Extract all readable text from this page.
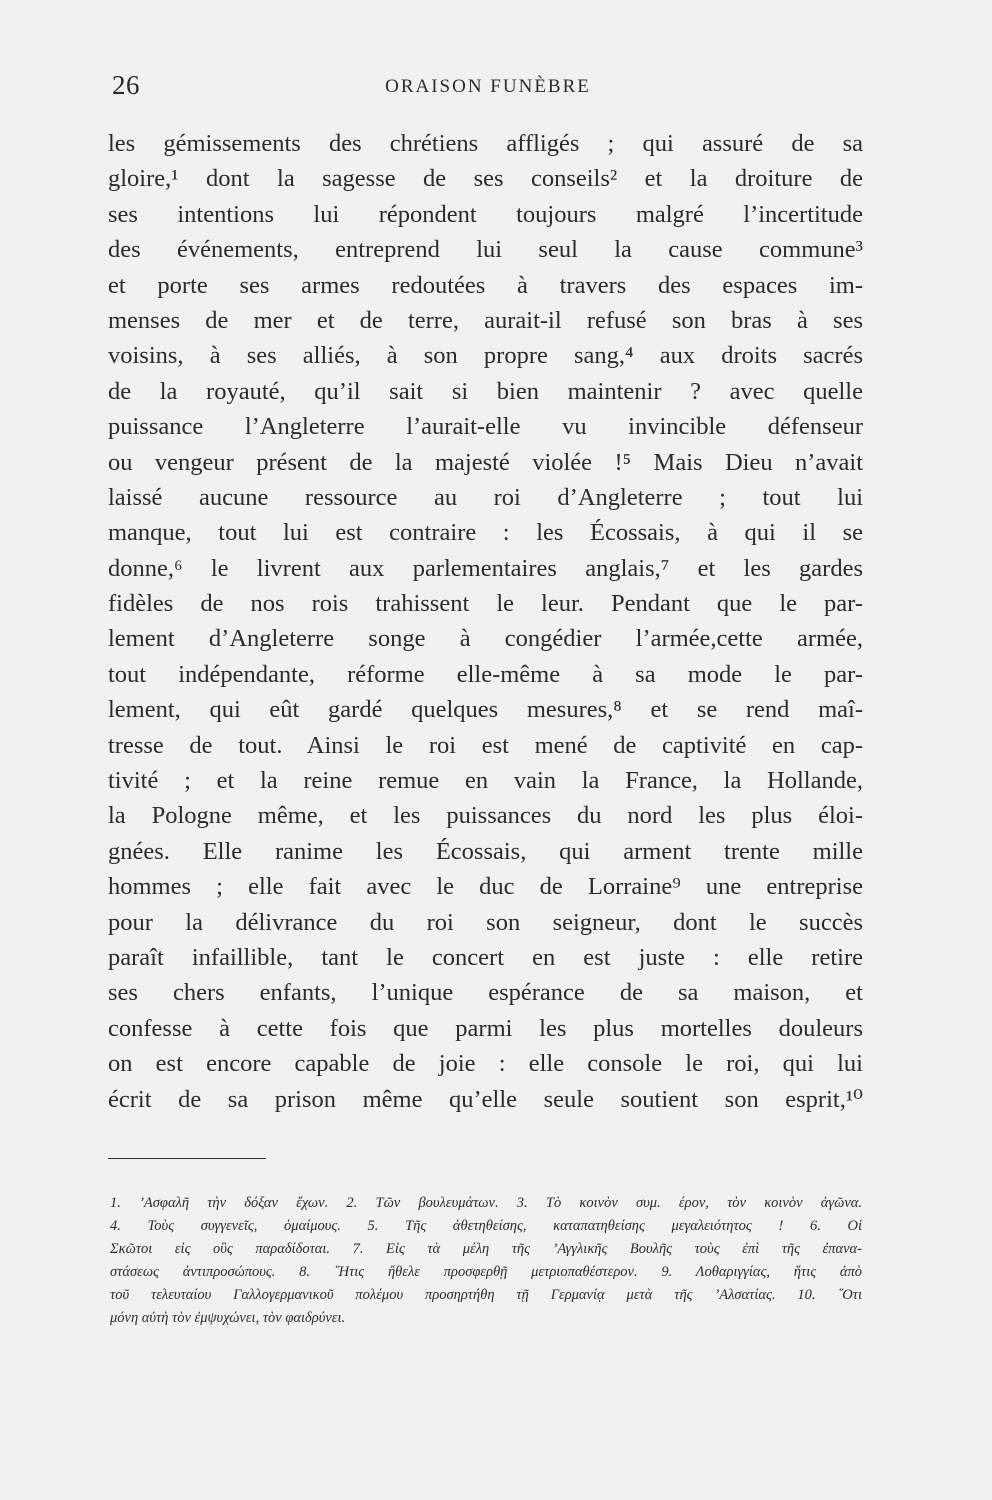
26	ORAISON FUNÈBRE
les gémissements des chrétiens affligés ; qui assuré de sa
gloire,¹ dont la sagesse de ses conseils² et la droiture de
ses intentions lui répondent toujours malgré l’incertitude
des événements, entreprend lui seul la cause commune³
et porte ses armes redoutées à travers des espaces im-
menses de mer et de terre, aurait-il refusé son bras à ses
voisins, à ses alliés, à son propre sang,⁴ aux droits sacrés
de la royauté, qu’il sait si bien maintenir ? avec quelle
puissance l’Angleterre l’aurait-elle vu invincible défenseur
ou vengeur présent de la majesté violée !⁵ Mais Dieu n’avait
laissé aucune ressource au roi d’Angleterre ; tout lui
manque, tout lui est contraire : les Écossais, à qui il se
donne,⁶ le livrent aux parlementaires anglais,⁷ et les gardes
fidèles de nos rois trahissent le leur. Pendant que le par-
lement d’Angleterre songe à congédier l’armée,cette armée,
tout indépendante, réforme elle-même à sa mode le par-
lement, qui eût gardé quelques mesures,⁸ et se rend maî-
tresse de tout. Ainsi le roi est mené de captivité en cap-
tivité ; et la reine remue en vain la France, la Hollande,
la Pologne même, et les puissances du nord les plus éloi-
gnées. Elle ranime les Écossais, qui arment trente mille
hommes ; elle fait avec le duc de Lorraine⁹ une entreprise
pour la délivrance du roi son seigneur, dont le succès
paraît infaillible, tant le concert en est juste : elle retire
ses chers enfants, l’unique espérance de sa maison, et
confesse à cette fois que parmi les plus mortelles douleurs
on est encore capable de joie : elle console le roi, qui lui
écrit de sa prison même qu’elle seule soutient son esprit,¹⁰
1. ’Ασφαλῆ τὴν δόξαν ἔχων. 2. Τῶν βουλευμάτων. 3. Τὸ κοινὸν συμ. έρον, τὸν κοινὸν ἀγῶνα.
4. Τοὺς συγγενεῖς, ὁμαίμους. 5. Τῆς ἀθετηθείσης, καταπατηθείσης μεγαλειότητος ! 6. Οἱ
Σκῶτοι εἰς οὓς παραδίδοται. 7. Εἰς τὰ μέλη τῆς ’Αγγλικῆς Βουλῆς τοὺς ἐπὶ τῆς ἐπανα-
στάσεως ἀντιπροσώπους. 8. ῞Ητις ἤθελε προσφερθῇ μετριοπαθέστερον. 9. Λοθαριγγίας, ἥτις ἀπὸ
τοῦ τελευταίου Γαλλογερμανικοῦ πολέμου προσηρτήθη τῇ Γερμανίᾳ μετὰ τῆς ’Αλσατίας. 10. ῞Οτι
μόνη αὐτὴ τὸν ἐμψυχώνει, τὸν φαιδρύνει.
